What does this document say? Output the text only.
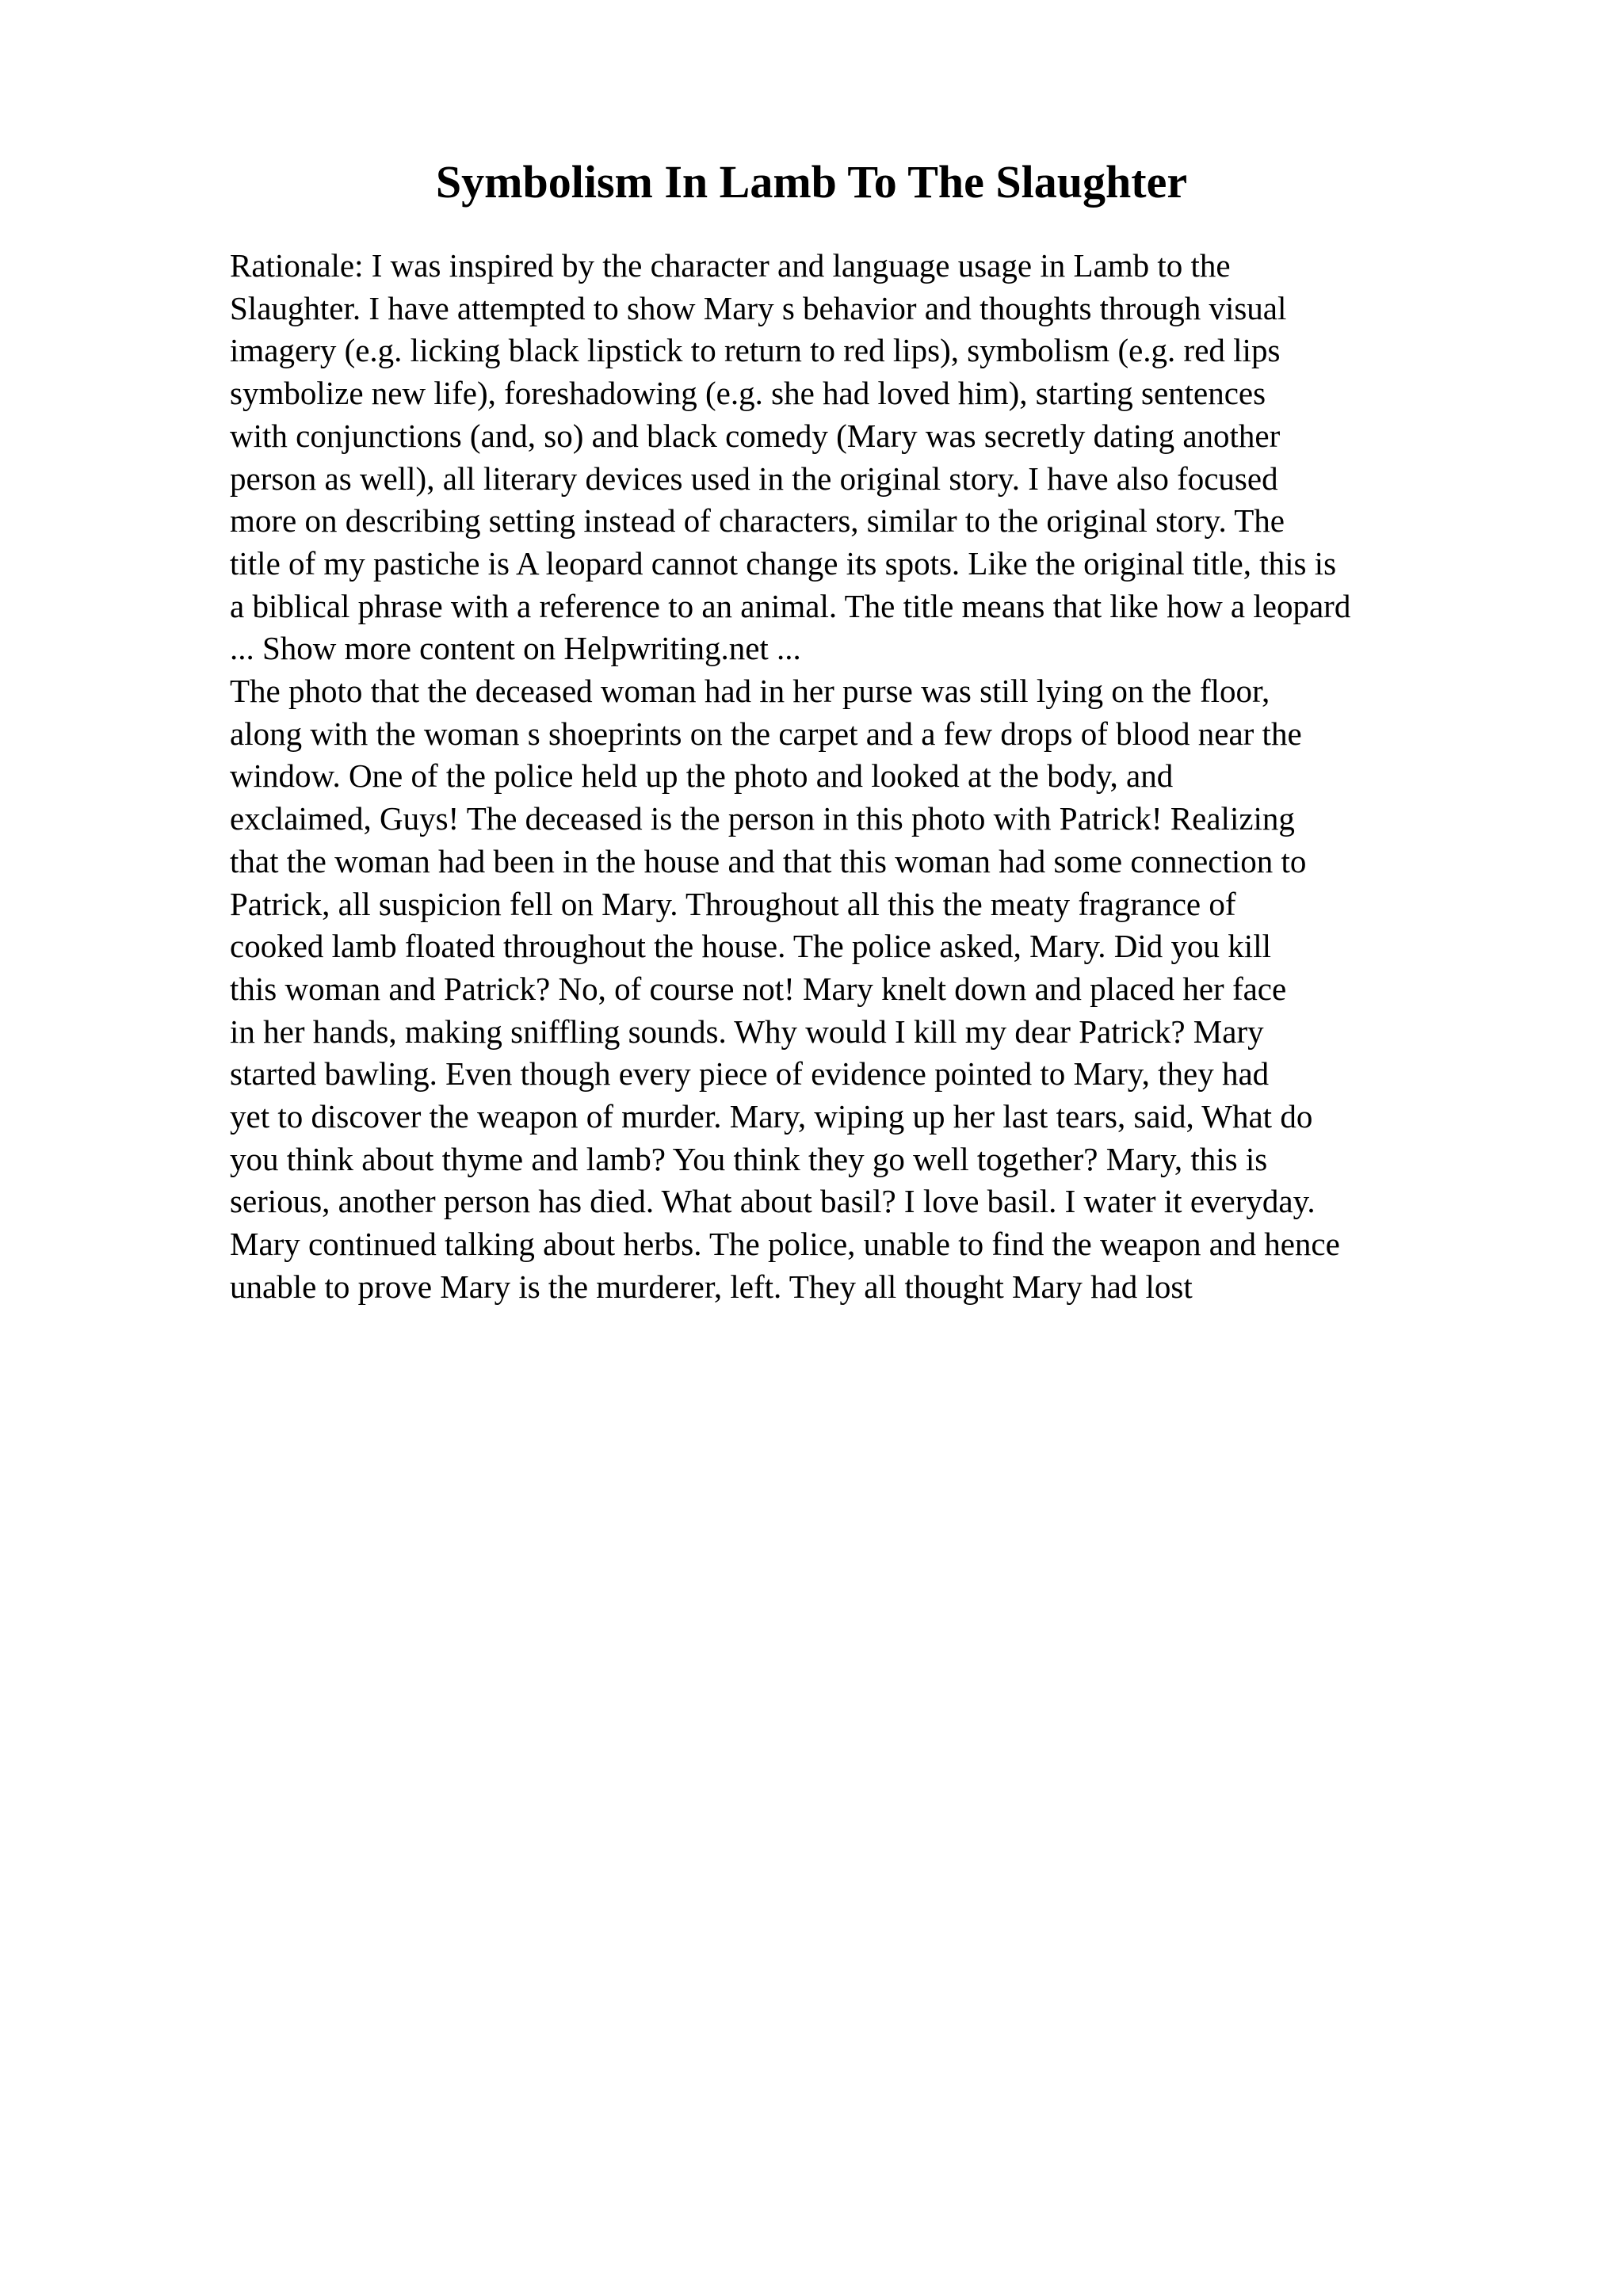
Symbolism In Lamb To The Slaughter
Rationale: I was inspired by the character and language usage in Lamb to the
Slaughter. I have attempted to show Mary s behavior and thoughts through visual
imagery (e.g. licking black lipstick to return to red lips), symbolism (e.g. red lips
symbolize new life), foreshadowing (e.g. she had loved him), starting sentences
with conjunctions (and, so) and black comedy (Mary was secretly dating another
person as well), all literary devices used in the original story. I have also focused
more on describing setting instead of characters, similar to the original story. The
title of my pastiche is A leopard cannot change its spots. Like the original title, this is
a biblical phrase with a reference to an animal. The title means that like how a leopard
... Show more content on Helpwriting.net ...
The photo that the deceased woman had in her purse was still lying on the floor,
along with the woman s shoeprints on the carpet and a few drops of blood near the
window. One of the police held up the photo and looked at the body, and
exclaimed, Guys! The deceased is the person in this photo with Patrick! Realizing
that the woman had been in the house and that this woman had some connection to
Patrick, all suspicion fell on Mary. Throughout all this the meaty fragrance of
cooked lamb floated throughout the house. The police asked, Mary. Did you kill
this woman and Patrick? No, of course not! Mary knelt down and placed her face
in her hands, making sniffling sounds. Why would I kill my dear Patrick? Mary
started bawling. Even though every piece of evidence pointed to Mary, they had
yet to discover the weapon of murder. Mary, wiping up her last tears, said, What do
you think about thyme and lamb? You think they go well together? Mary, this is
serious, another person has died. What about basil? I love basil. I water it everyday.
Mary continued talking about herbs. The police, unable to find the weapon and hence
unable to prove Mary is the murderer, left. They all thought Mary had lost
